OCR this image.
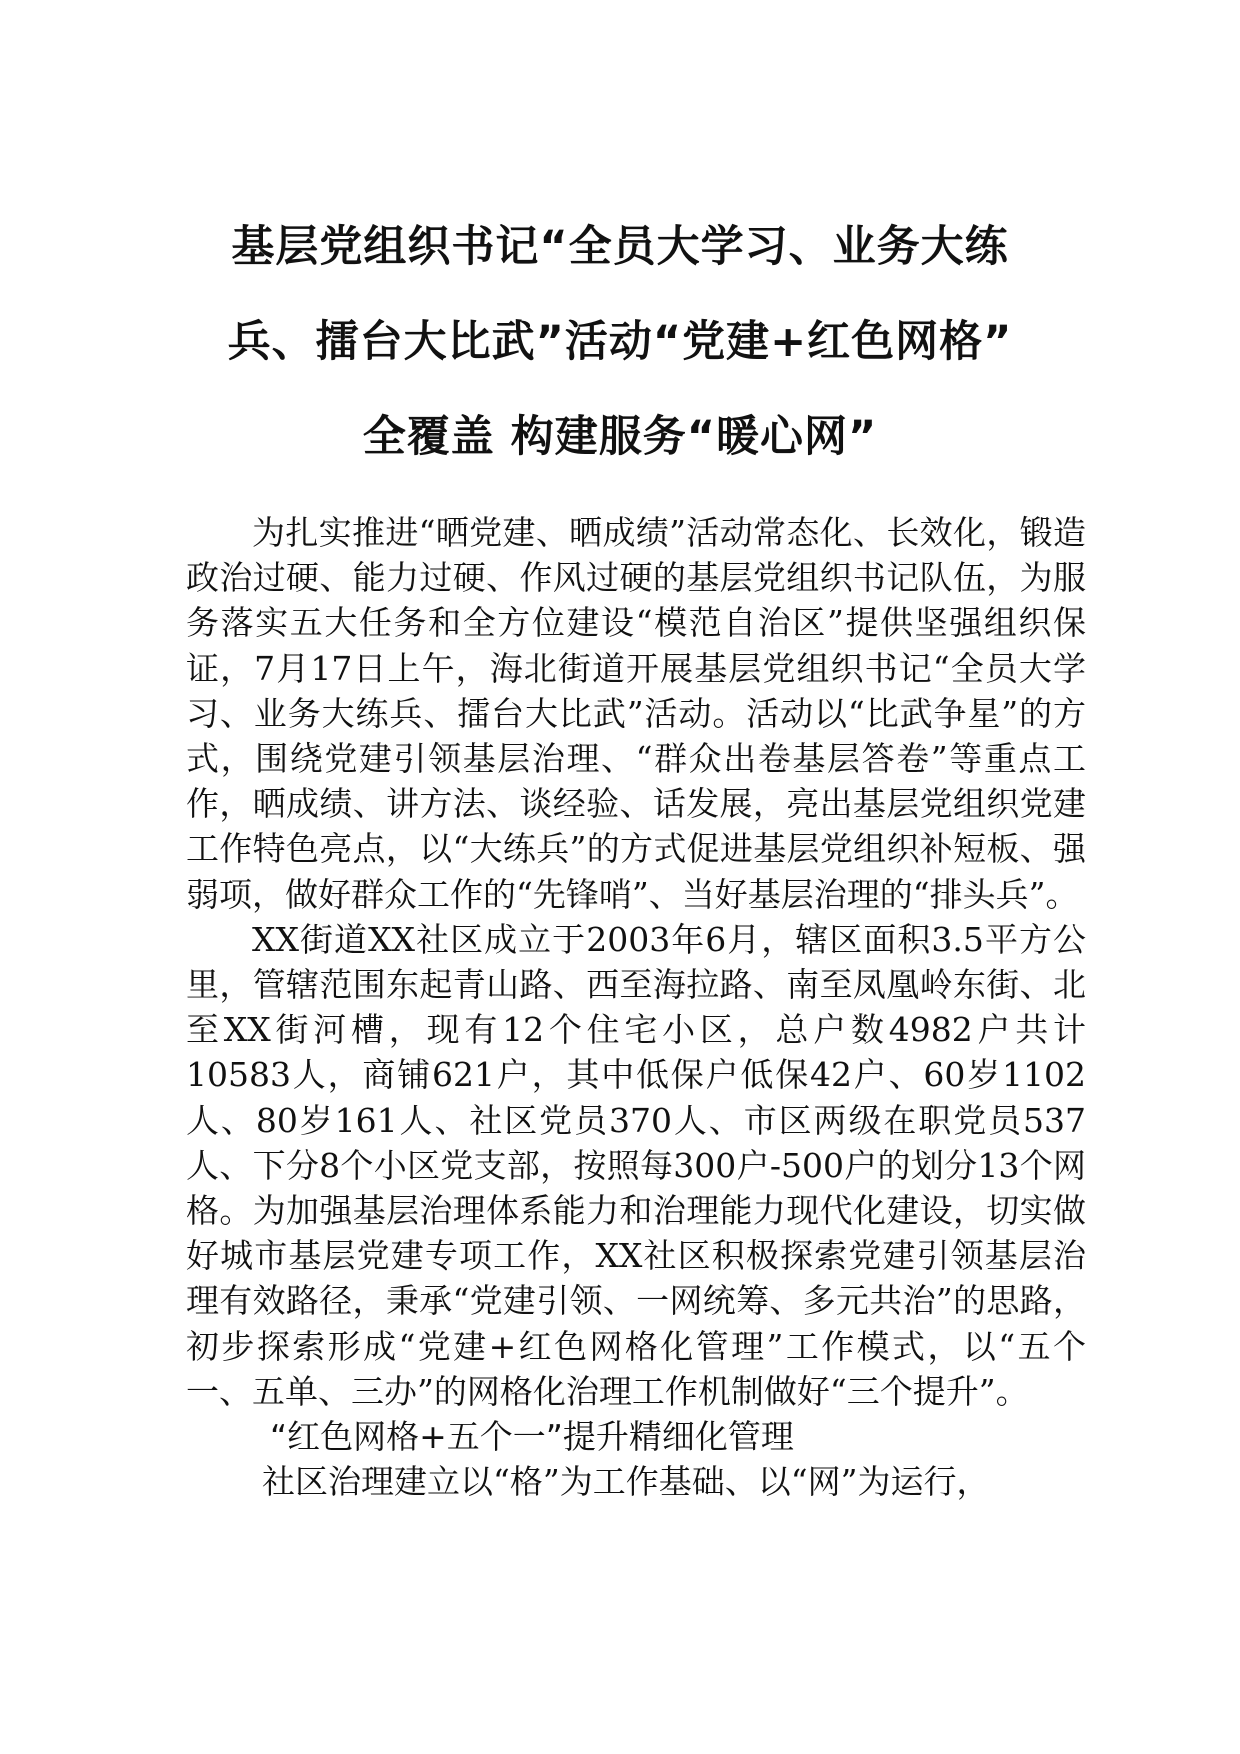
基层党组织书记“全员大学习、业务大练
兵、擂台大比武”活动“党建+红色网格”
全覆盖 构建服务“暖心网”

为扎实推进“晒党建、晒成绩”活动常态化、长效化，锻造政治过硬、能力过硬、作风过硬的基层党组织书记队伍，为服务落实五大任务和全方位建设“模范自治区”提供坚强组织保证，7月17日上午，海北街道开展基层党组织书记“全员大学习、业务大练兵、擂台大比武”活动。活动以“比武争星”的方式，围绕党建引领基层治理、“群众出卷基层答卷”等重点工作，晒成绩、讲方法、谈经验、话发展，亮出基层党组织党建工作特色亮点，以“大练兵”的方式促进基层党组织补短板、强弱项，做好群众工作的“先锋哨”、当好基层治理的“排头兵”。

XX街道XX社区成立于2003年6月，辖区面积3.5平方公里，管辖范围东起青山路、西至海拉路、南至凤凰岭东街、北至XX街河槽，现有12个住宅小区，总户数4982户共计10583人，商铺621户，其中低保户低保42户、60岁1102人、80岁161人、社区党员370人、市区两级在职党员537人、下分8个小区党支部，按照每300户-500户的划分13个网格。为加强基层治理体系能力和治理能力现代化建设，切实做好城市基层党建专项工作，XX社区积极探索党建引领基层治理有效路径，秉承“党建引领、一网统筹、多元共治”的思路，初步探索形成“党建+红色网格化管理”工作模式，以“五个一、五单、三办”的网格化治理工作机制做好“三个提升”。

“红色网格+五个一”提升精细化管理

社区治理建立以“格”为工作基础、以“网”为运行，
